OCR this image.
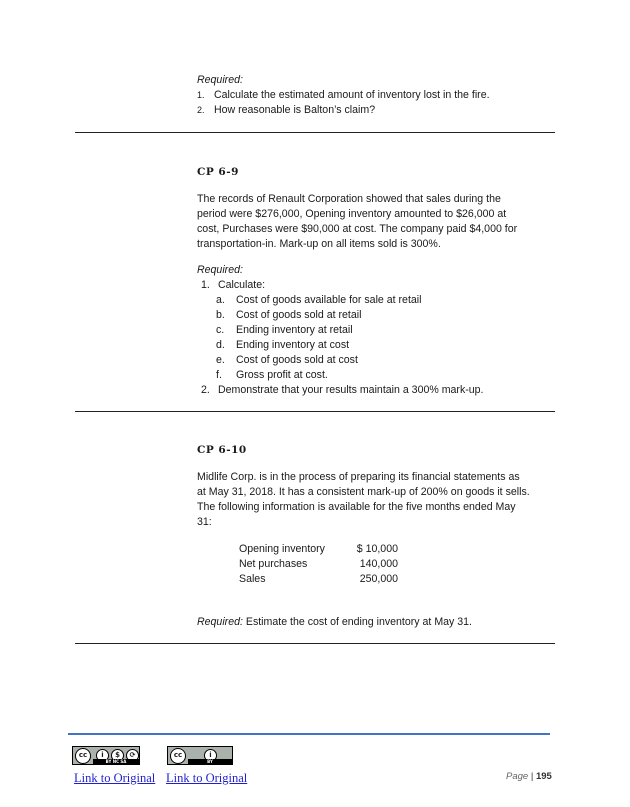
Required:
1. Calculate the estimated amount of inventory lost in the fire.
2. How reasonable is Balton’s claim?
CP 6-9
The records of Renault Corporation showed that sales during the
period were $276,000, Opening inventory amounted to $26,000 at
cost, Purchases were $90,000 at cost. The company paid $4,000 for
transportation-in. Mark-up on all items sold is 300%.
Required:
1. Calculate:
a. Cost of goods available for sale at retail
b. Cost of goods sold at retail
c. Ending inventory at retail
d. Ending inventory at cost
e. Cost of goods sold at cost
f. Gross profit at cost.
2. Demonstrate that your results maintain a 300% mark-up.
CP 6-10
Midlife Corp. is in the process of preparing its financial statements as
at May 31, 2018. It has a consistent mark-up of 200% on goods it sells.
The following information is available for the five months ended May
31:
Opening inventory	$ 10,000
Net purchases	140,000
Sales	250,000
Required: Estimate the cost of ending inventory at May 31.
cc	i	$	⟳
BY NC SA
cc	i
BY
Link to Original Link to Original	Page | 195
